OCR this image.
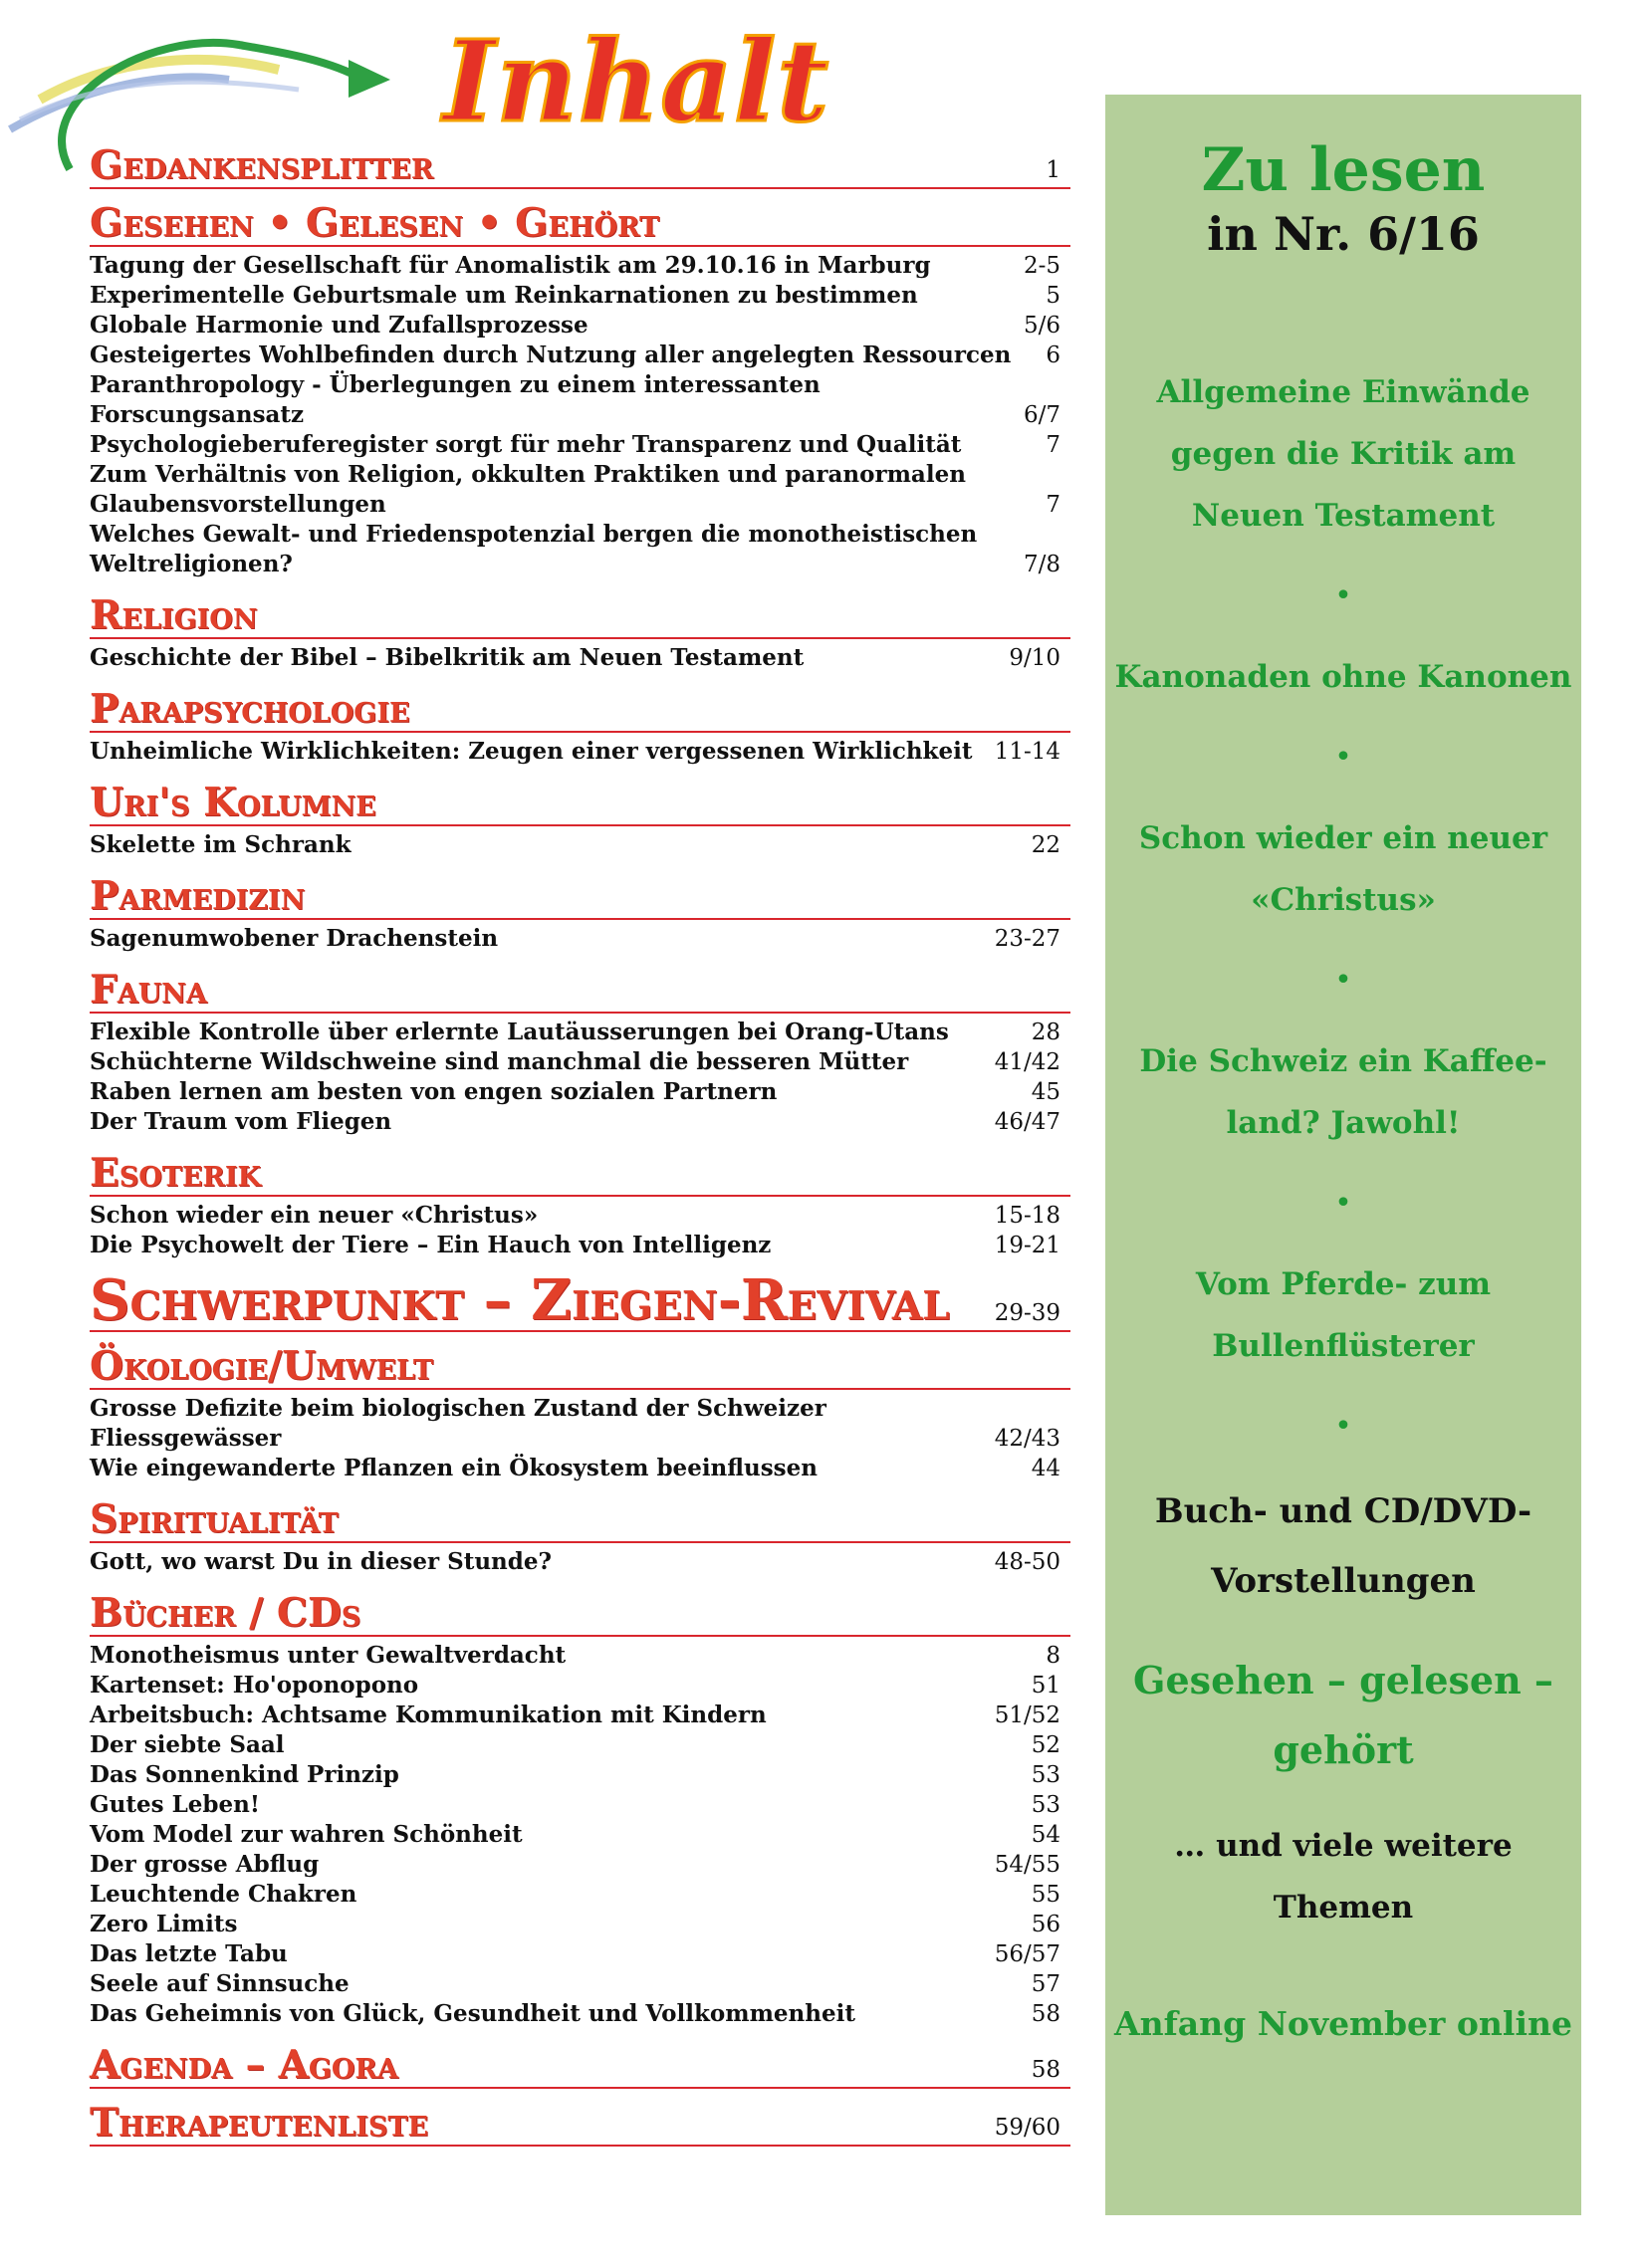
Inhalt
Gedankensplitter	1
Gesehen • Gelesen • Gehört
Tagung der Gesellschaft für Anomalistik am 29.10.16 in Marburg	2-5
Experimentelle Geburtsmale um Reinkarnationen zu bestimmen	5
Globale Harmonie und Zufallsprozesse	5/6
Gesteigertes Wohlbefinden durch Nutzung aller angelegten Ressourcen	6
Paranthropology - Überlegungen zu einem interessanten Forscungsansatz	6/7
Psychologieberuferegister sorgt für mehr Transparenz und Qualität	7
Zum Verhältnis von Religion, okkulten Praktiken und paranormalen
Glaubensvorstellungen	7
Welches Gewalt- und Friedenspotenzial bergen die monotheistischen
Weltreligionen?	7/8
Religion
Geschichte der Bibel – Bibelkritik am Neuen Testament	9/10
Parapsychologie
Unheimliche Wirklichkeiten: Zeugen einer vergessenen Wirklichkeit 11-14
Uri's Kolumne
Skelette im Schrank	22
Parmedizin
Sagenumwobener Drachenstein	23-27
Fauna
Flexible Kontrolle über erlernte Lautäusserungen bei Orang-Utans	28
Schüchterne Wildschweine sind manchmal die besseren Mütter	41/42
Raben lernen am besten von engen sozialen Partnern	45
Der Traum vom Fliegen	46/47
Esoterik
Schon wieder ein neuer «Christus»	15-18
Die Psychowelt der Tiere – Ein Hauch von Intelligenz	19-21
Schwerpunkt – Ziegen-Revival 29-39
Ökologie/Umwelt
Grosse Defizite beim biologischen Zustand der Schweizer Fliessgewässer	42/43
Wie eingewanderte Pflanzen ein Ökosystem beeinflussen	44
Spiritualität
Gott, wo warst Du in dieser Stunde?	48-50
Bücher / CDs
Monotheismus unter Gewaltverdacht	8
Kartenset: Ho'oponopono	51
Arbeitsbuch: Achtsame Kommunikation mit Kindern	51/52
Der siebte Saal	52
Das Sonnenkind Prinzip	53
Gutes Leben!	53
Vom Model zur wahren Schönheit	54
Der grosse Abflug	54/55
Leuchtende Chakren	55
Zero Limits	56
Das letzte Tabu	56/57
Seele auf Sinnsuche	57
Das Geheimnis von Glück, Gesundheit und Vollkommenheit	58
Agenda – Agora	58
Therapeutenliste	59/60
Zu lesen
in Nr. 6/16
Allgemeine Einwände
gegen die Kritik am
Neuen Testament
•
Kanonaden ohne Kanonen
•
Schon wieder ein neuer
«Christus»
•
Die Schweiz ein Kaffee-
land? Jawohl!
•
Vom Pferde- zum
Bullenflüsterer
•
Buch- und CD/DVD-
Vorstellungen
Gesehen – gelesen –
gehört
… und viele weitere
Themen
Anfang November online
